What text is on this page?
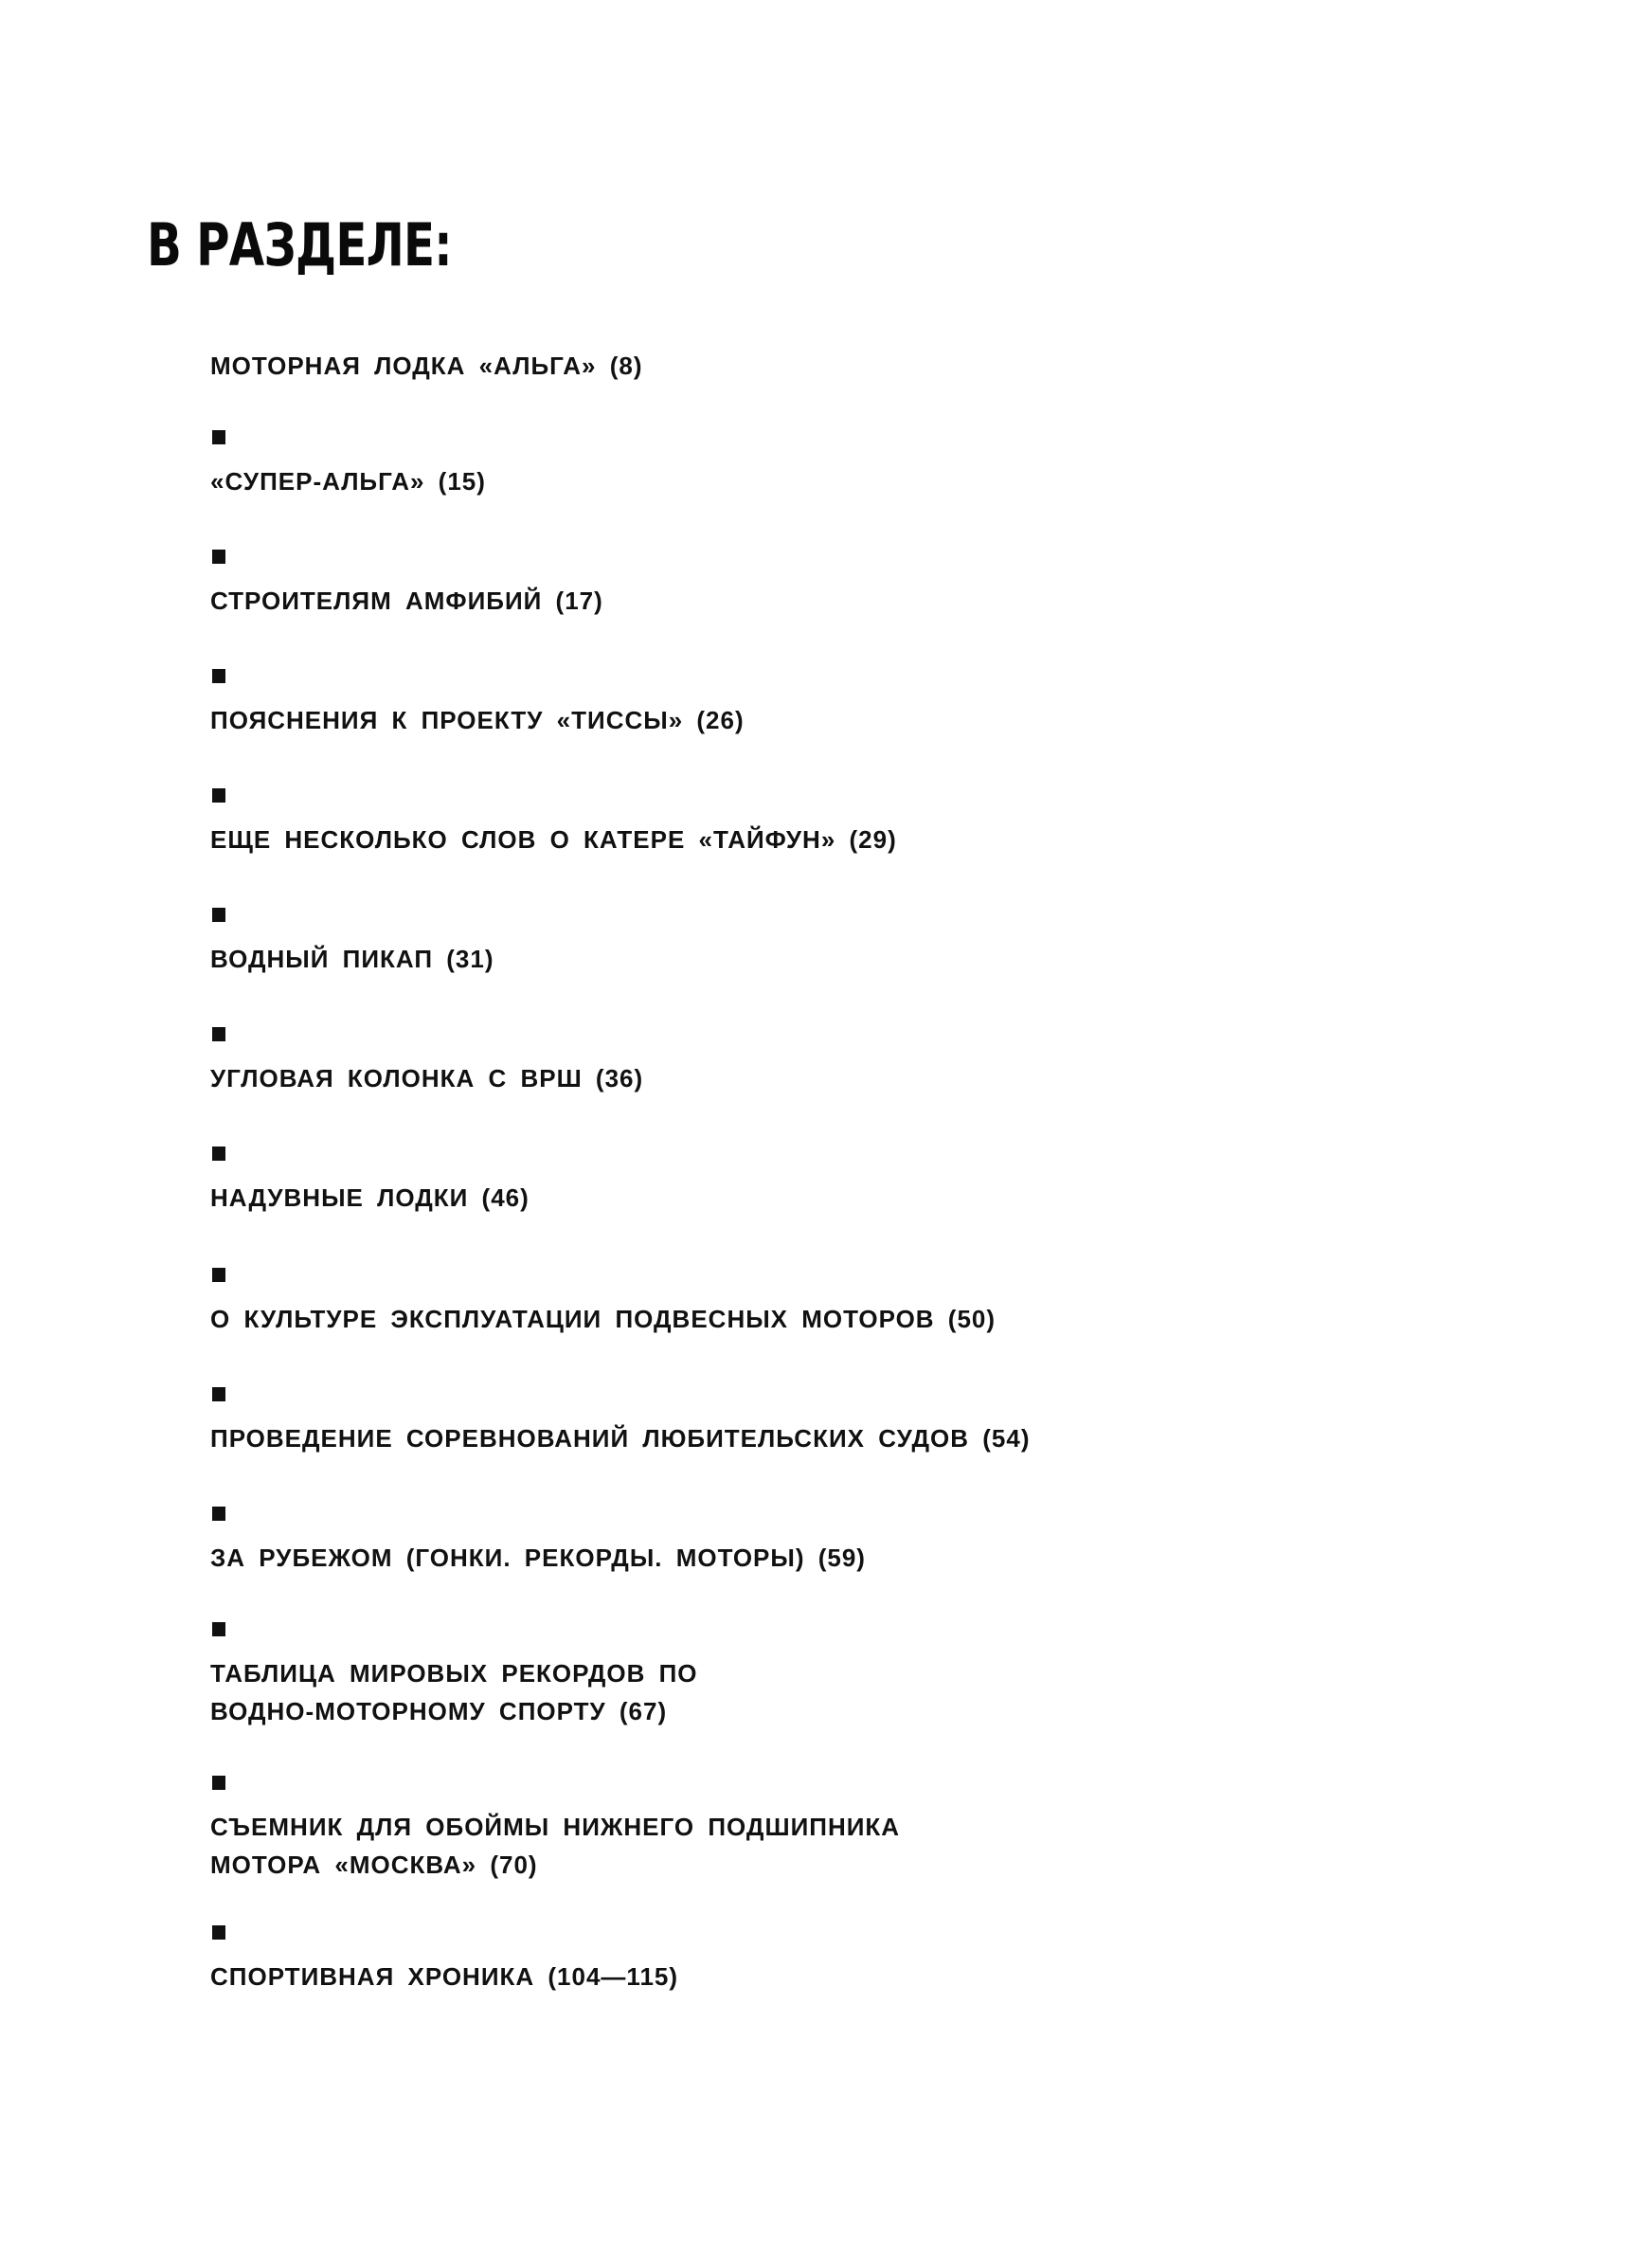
В РАЗДЕЛЕ:
МОТОРНАЯ ЛОДКА «АЛЬГА» (8)
«СУПЕР-АЛЬГА» (15)
СТРОИТЕЛЯМ АМФИБИЙ (17)
ПОЯСНЕНИЯ К ПРОЕКТУ «ТИССЫ» (26)
ЕЩЕ НЕСКОЛЬКО СЛОВ О КАТЕРЕ «ТАЙФУН» (29)
ВОДНЫЙ ПИКАП (31)
УГЛОВАЯ КОЛОНКА С ВРШ (36)
НАДУВНЫЕ ЛОДКИ (46)
О КУЛЬТУРЕ ЭКСПЛУАТАЦИИ ПОДВЕСНЫХ МОТОРОВ (50)
ПРОВЕДЕНИЕ СОРЕВНОВАНИЙ ЛЮБИТЕЛЬСКИХ СУДОВ (54)
ЗА РУБЕЖОМ (ГОНКИ. РЕКОРДЫ. МОТОРЫ) (59)
ТАБЛИЦА МИРОВЫХ РЕКОРДОВ ПО
ВОДНО-МОТОРНОМУ СПОРТУ (67)
СЪЕМНИК ДЛЯ ОБОЙМЫ НИЖНЕГО ПОДШИПНИКА
МОТОРА «МОСКВА» (70)
СПОРТИВНАЯ ХРОНИКА (104—115)
